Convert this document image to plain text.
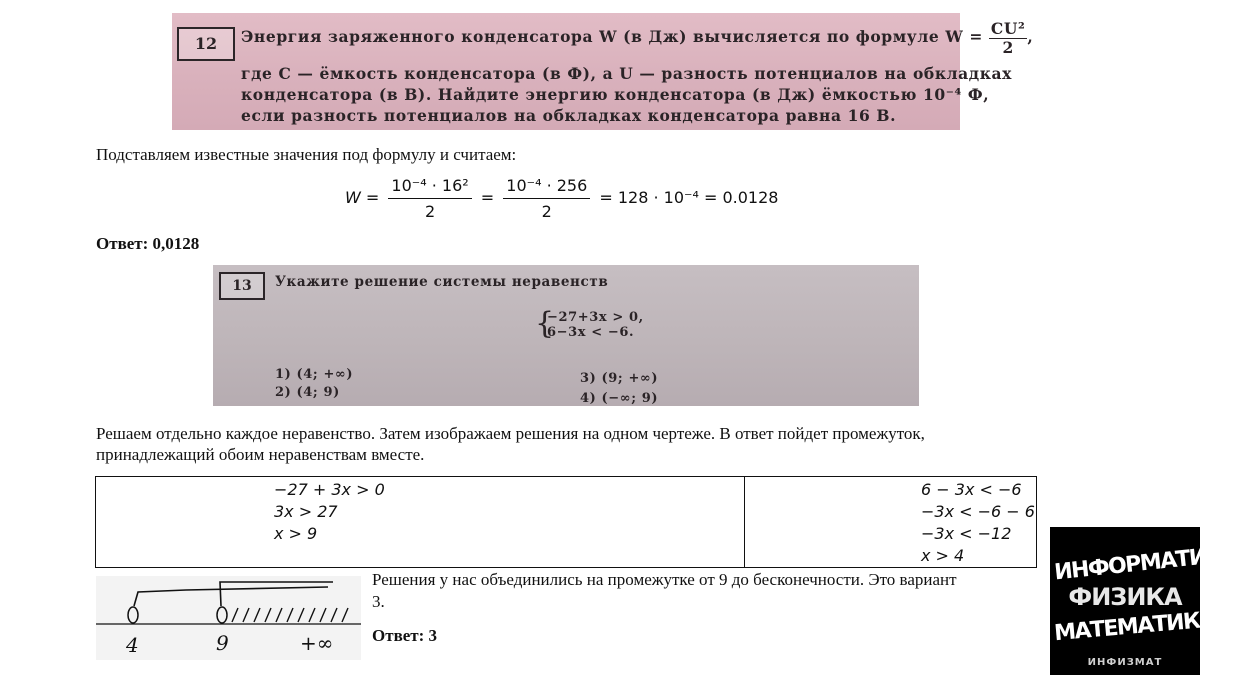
12	Энергия заряженного конденсатора W (в Дж) вычисляется по формуле $W = \frac{\text{CU²}}{2}$ ,
где C — ёмкость конденсатора (в Ф), а U — разность потенциалов на обкладках
конденсатора (в В). Найдите энергию конденсатора (в Дж) ёмкостью 10⁻⁴ Ф,
если разность потенциалов на обкладках конденсатора равна 16 В.
Подставляем известные значения под формулу и считаем:
$W = \frac{\text{10⁻⁴ · 16²}}{2} = \frac{\text{10⁻⁴ · 256}}{2} = 128 \cdot 10^{-4} = 0.0128$
Ответ: 0,0128
13	Укажите решение системы неравенств
{
−27+3x > 0,
6−3x < −6.
1) (4; +∞)
2) (4; 9)
3) (9; +∞)
4) (−∞; 9)
Решаем отдельно каждое неравенство. Затем изображаем решения на одном чертеже. В ответ пойдет промежуток,
принадлежащий обоим неравенствам вместе.
−27 + 3x > 0
3x > 27
x > 9

6 − 3x < −6
−3x < −6 − 6
−3x < −12
x > 4
4	9	+∞
Решения у нас объединились на промежутке от 9 до бесконечности. Это вариант
3.
Ответ: 3
ИНФОРМАТИКА
ФИЗИКА
МАТЕМАТИКА
ИНФИЗМАТ
